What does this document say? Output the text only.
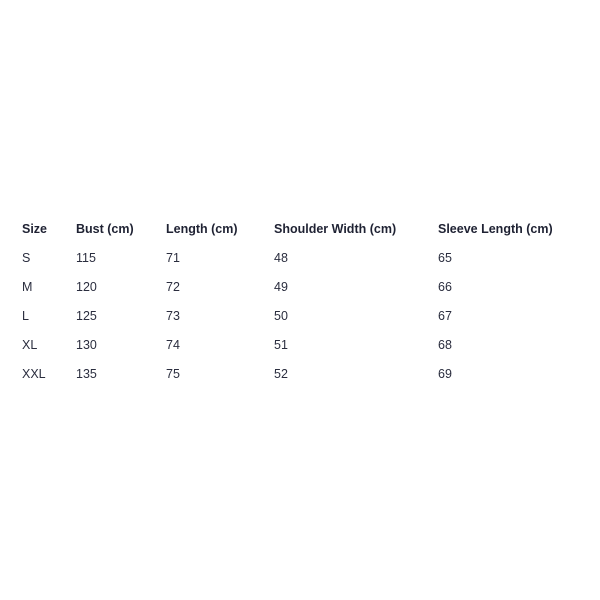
Size	Bust (cm)	Length (cm)	Shoulder Width (cm)	Sleeve Length (cm)
S	115	71	48	65
M	120	72	49	66
L	125	73	50	67
XL	130	74	51	68
XXL	135	75	52	69
